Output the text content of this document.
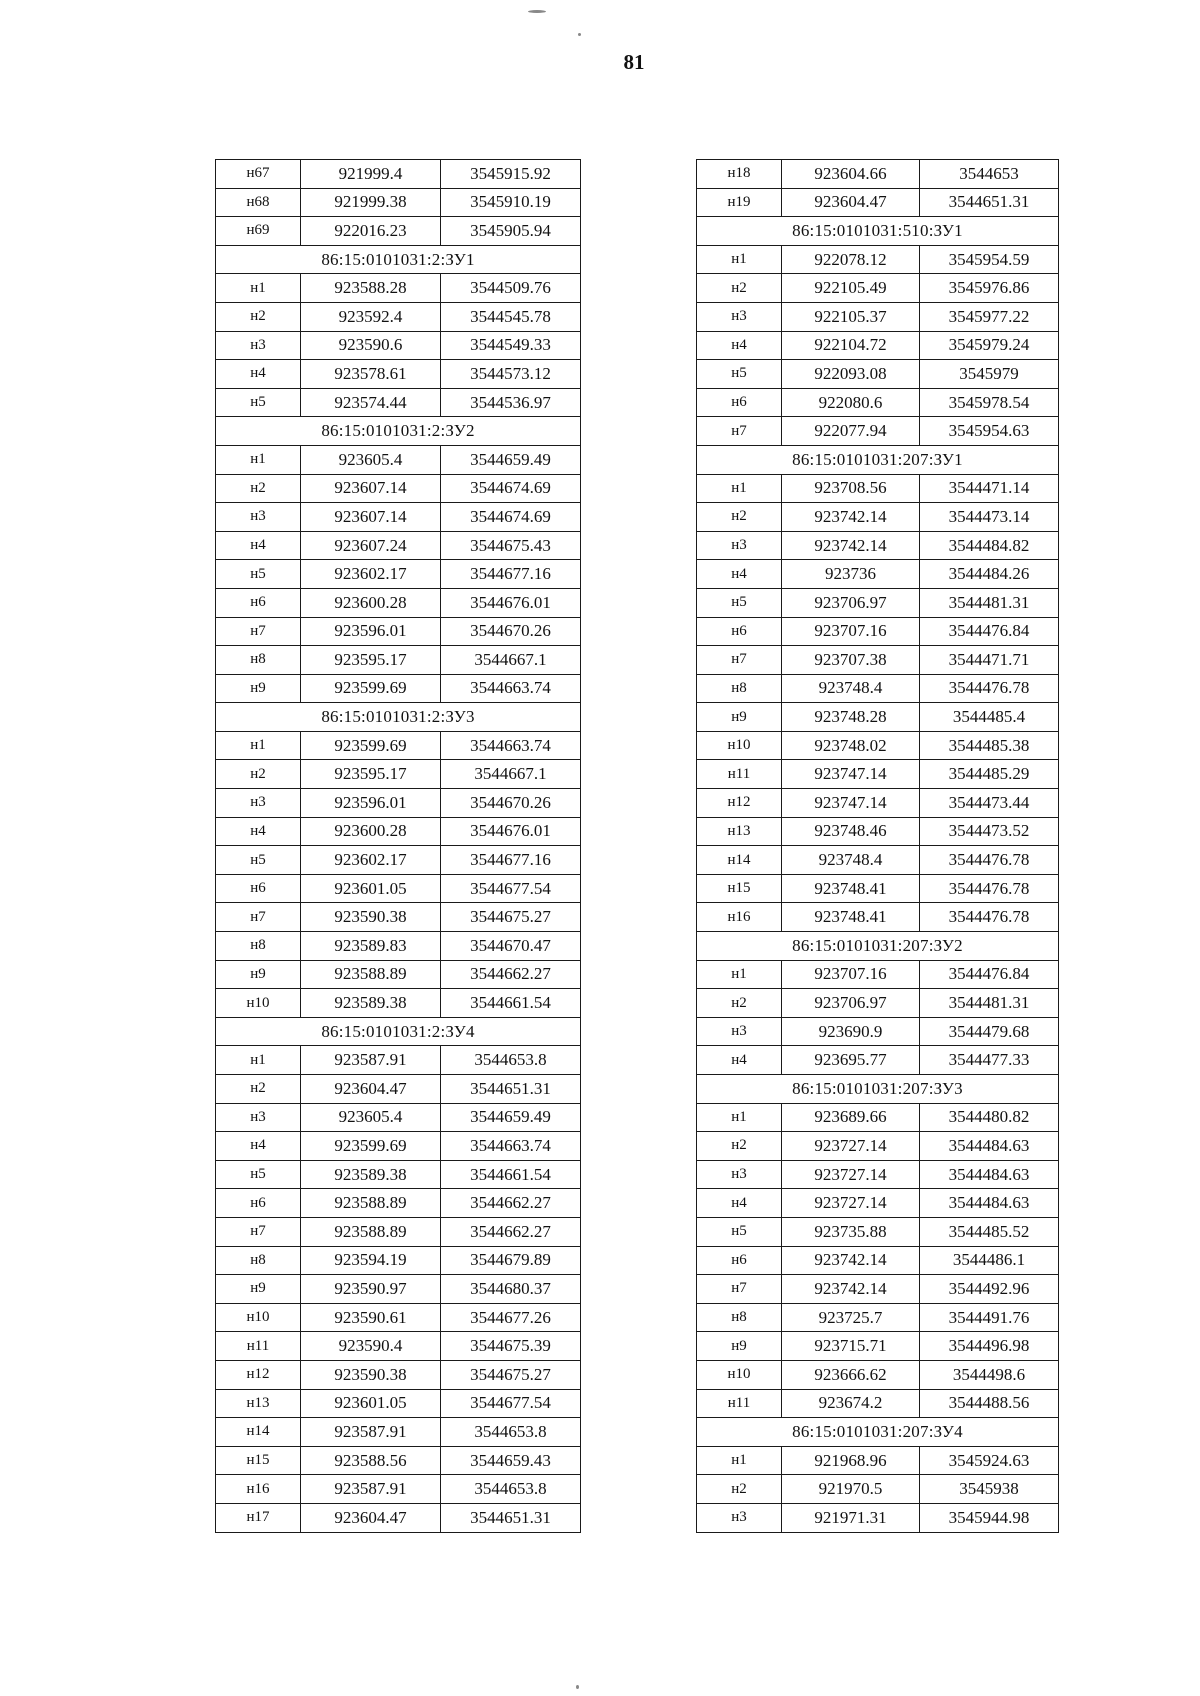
81
н67	921999.4	3545915.92
н68	921999.38	3545910.19
н69	922016.23	3545905.94
86:15:0101031:2:ЗУ1		
н1	923588.28	3544509.76
н2	923592.4	3544545.78
н3	923590.6	3544549.33
н4	923578.61	3544573.12
н5	923574.44	3544536.97
86:15:0101031:2:ЗУ2		
н1	923605.4	3544659.49
н2	923607.14	3544674.69
н3	923607.14	3544674.69
н4	923607.24	3544675.43
н5	923602.17	3544677.16
н6	923600.28	3544676.01
н7	923596.01	3544670.26
н8	923595.17	3544667.1
н9	923599.69	3544663.74
86:15:0101031:2:ЗУ3		
н1	923599.69	3544663.74
н2	923595.17	3544667.1
н3	923596.01	3544670.26
н4	923600.28	3544676.01
н5	923602.17	3544677.16
н6	923601.05	3544677.54
н7	923590.38	3544675.27
н8	923589.83	3544670.47
н9	923588.89	3544662.27
н10	923589.38	3544661.54
86:15:0101031:2:ЗУ4		
н1	923587.91	3544653.8
н2	923604.47	3544651.31
н3	923605.4	3544659.49
н4	923599.69	3544663.74
н5	923589.38	3544661.54
н6	923588.89	3544662.27
н7	923588.89	3544662.27
н8	923594.19	3544679.89
н9	923590.97	3544680.37
н10	923590.61	3544677.26
н11	923590.4	3544675.39
н12	923590.38	3544675.27
н13	923601.05	3544677.54
н14	923587.91	3544653.8
н15	923588.56	3544659.43
н16	923587.91	3544653.8
н17	923604.47	3544651.31
н18	923604.66	3544653
н19	923604.47	3544651.31
86:15:0101031:510:ЗУ1		
н1	922078.12	3545954.59
н2	922105.49	3545976.86
н3	922105.37	3545977.22
н4	922104.72	3545979.24
н5	922093.08	3545979
н6	922080.6	3545978.54
н7	922077.94	3545954.63
86:15:0101031:207:ЗУ1		
н1	923708.56	3544471.14
н2	923742.14	3544473.14
н3	923742.14	3544484.82
н4	923736	3544484.26
н5	923706.97	3544481.31
н6	923707.16	3544476.84
н7	923707.38	3544471.71
н8	923748.4	3544476.78
н9	923748.28	3544485.4
н10	923748.02	3544485.38
н11	923747.14	3544485.29
н12	923747.14	3544473.44
н13	923748.46	3544473.52
н14	923748.4	3544476.78
н15	923748.41	3544476.78
н16	923748.41	3544476.78
86:15:0101031:207:ЗУ2		
н1	923707.16	3544476.84
н2	923706.97	3544481.31
н3	923690.9	3544479.68
н4	923695.77	3544477.33
86:15:0101031:207:ЗУ3		
н1	923689.66	3544480.82
н2	923727.14	3544484.63
н3	923727.14	3544484.63
н4	923727.14	3544484.63
н5	923735.88	3544485.52
н6	923742.14	3544486.1
н7	923742.14	3544492.96
н8	923725.7	3544491.76
н9	923715.71	3544496.98
н10	923666.62	3544498.6
н11	923674.2	3544488.56
86:15:0101031:207:ЗУ4		
н1	921968.96	3545924.63
н2	921970.5	3545938
н3	921971.31	3545944.98
